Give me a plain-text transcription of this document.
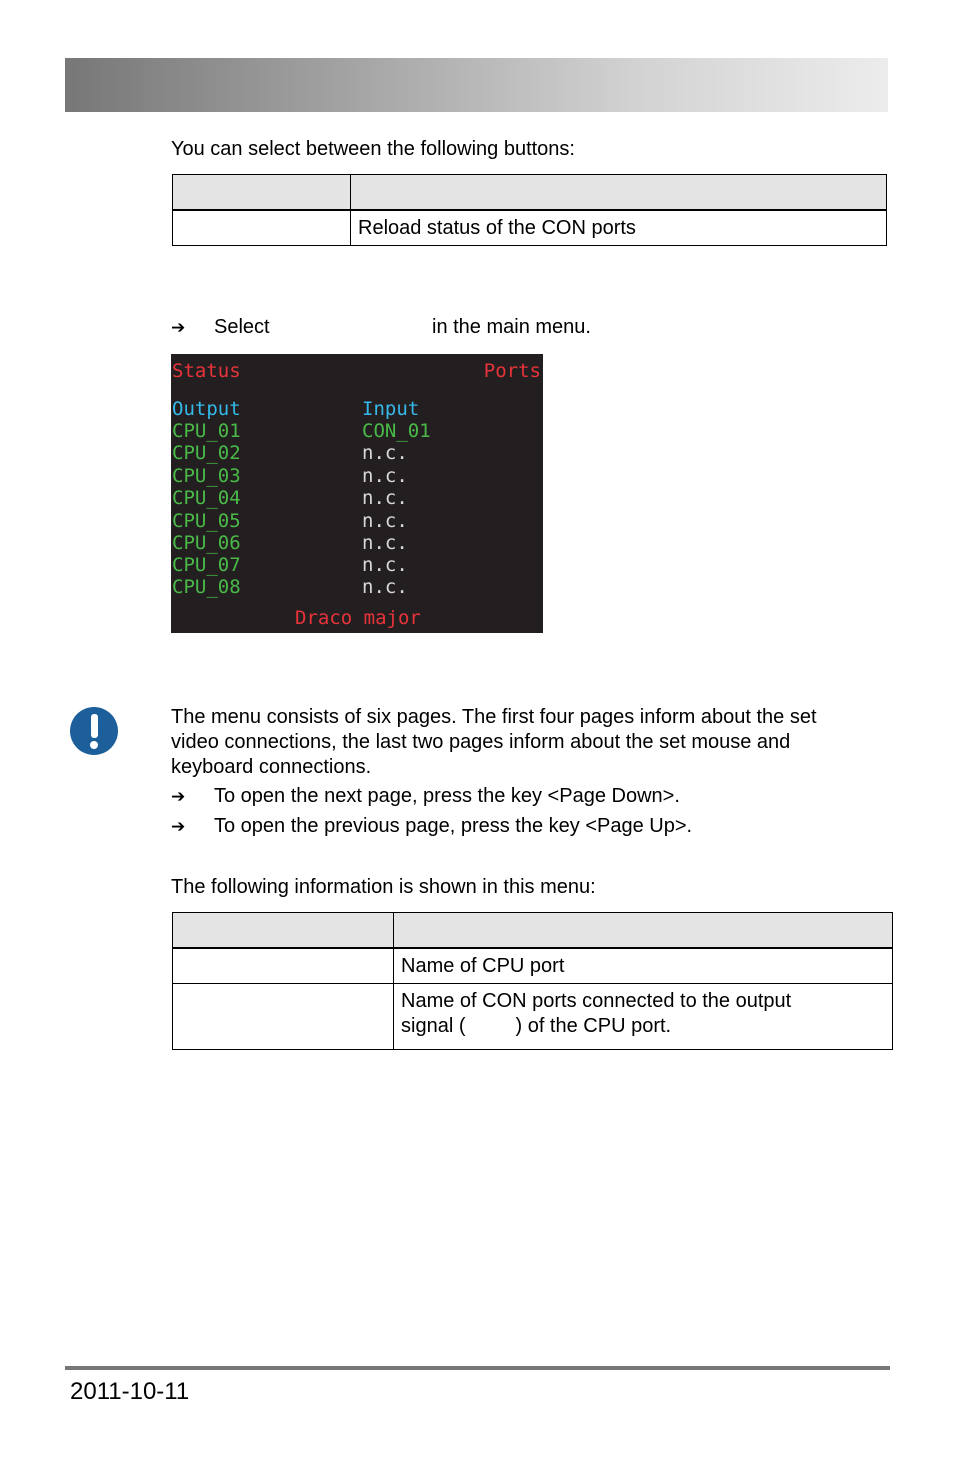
You can select between the following buttons:

	Reload status of the CON ports
➔ Select	in the main menu.
Status	Ports
Output	Input
CPU_01	CON_01
CPU_02	n.c.
CPU_03	n.c.
CPU_04	n.c.
CPU_05	n.c.
CPU_06	n.c.
CPU_07	n.c.
CPU_08	n.c.
Draco major
The menu consists of six pages. The first four pages inform about the set
video connections, the last two pages inform about the set mouse and
keyboard connections.
➔ To open the next page, press the key <Page Down>.
➔ To open the previous page, press the key <Page Up>.
The following information is shown in this menu:

	Name of CPU port

	Name of CON ports connected to the output
signal (         ) of the CPU port.
2011-10-11
